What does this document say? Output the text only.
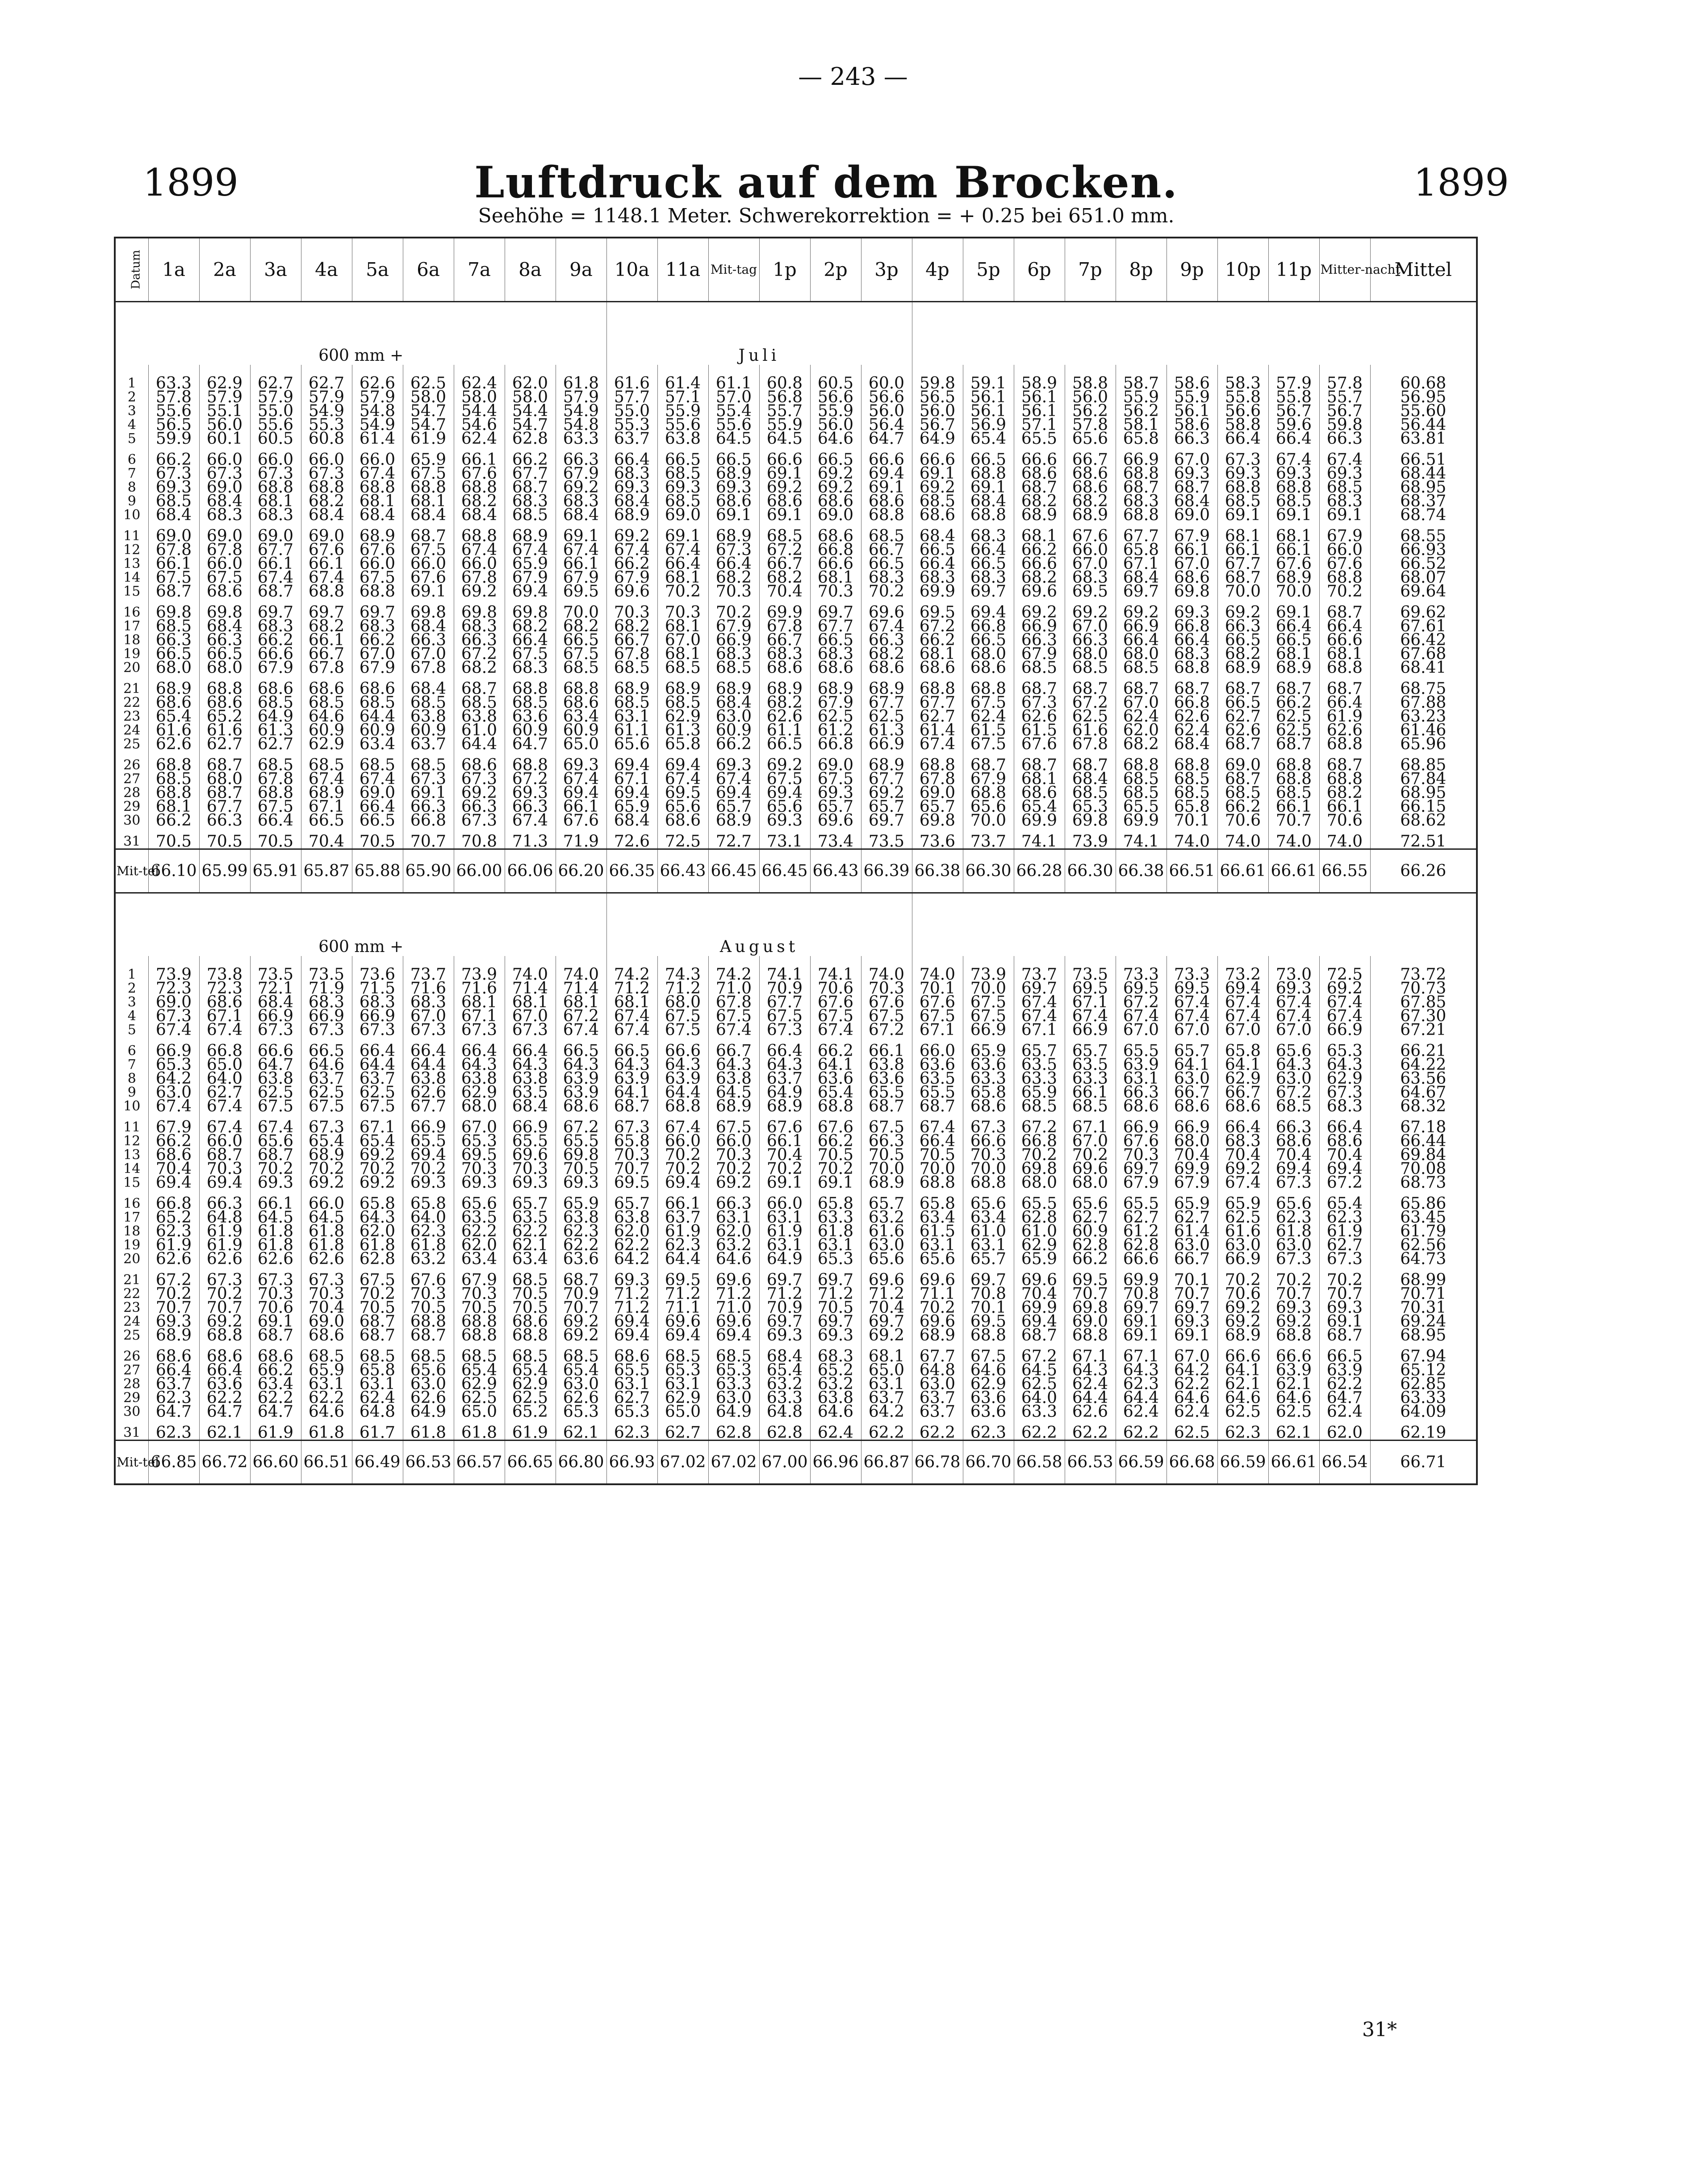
— 243 —
1899	Luftdruck auf dem Brocken.	1899
Seehöhe = 1148.1 Meter. Schwerekorrektion = + 0.25 bei 651.0 mm.
Datum	1a	2a	3a	4a	5a	6a	7a	8a	9a	10a	11a	Mit-tag	1p	2p	3p	4p	5p	6p	7p	8p	9p	10p	11p	Mitter-nacht	Mittel
600 mm +										Juli															

1	63.3	62.9	62.7	62.7	62.6	62.5	62.4	62.0	61.8	61.6	61.4	61.1	60.8	60.5	60.0	59.8	59.1	58.9	58.8	58.7	58.6	58.3	57.9	57.8	60.68
2	57.8	57.9	57.9	57.9	57.9	58.0	58.0	58.0	57.9	57.7	57.1	57.0	56.8	56.6	56.6	56.5	56.1	56.1	56.0	55.9	55.9	55.8	55.8	55.7	56.95
3	55.6	55.1	55.0	54.9	54.8	54.7	54.4	54.4	54.9	55.0	55.9	55.4	55.7	55.9	56.0	56.0	56.1	56.1	56.2	56.2	56.1	56.6	56.7	56.7	55.60
4	56.5	56.0	55.6	55.3	54.9	54.7	54.6	54.7	54.8	55.3	55.6	55.6	55.9	56.0	56.4	56.7	56.9	57.1	57.8	58.1	58.6	58.8	59.6	59.8	56.44
5	59.9	60.1	60.5	60.8	61.4	61.9	62.4	62.8	63.3	63.7	63.8	64.5	64.5	64.6	64.7	64.9	65.4	65.5	65.6	65.8	66.3	66.4	66.4	66.3	63.81
6	66.2	66.0	66.0	66.0	66.0	65.9	66.1	66.2	66.3	66.4	66.5	66.5	66.6	66.5	66.6	66.6	66.5	66.6	66.7	66.9	67.0	67.3	67.4	67.4	66.51
7	67.3	67.3	67.3	67.3	67.4	67.5	67.6	67.7	67.9	68.3	68.5	68.9	69.1	69.2	69.4	69.1	68.8	68.6	68.6	68.8	69.3	69.3	69.3	69.3	68.44
8	69.3	69.0	68.8	68.8	68.8	68.8	68.8	68.7	69.2	69.3	69.3	69.3	69.2	69.2	69.1	69.2	69.1	68.7	68.6	68.7	68.7	68.8	68.8	68.5	68.95
9	68.5	68.4	68.1	68.2	68.1	68.1	68.2	68.3	68.3	68.4	68.5	68.6	68.6	68.6	68.6	68.5	68.4	68.2	68.2	68.3	68.4	68.5	68.5	68.3	68.37
10	68.4	68.3	68.3	68.4	68.4	68.4	68.4	68.5	68.4	68.9	69.0	69.1	69.1	69.0	68.8	68.6	68.8	68.9	68.9	68.8	69.0	69.1	69.1	69.1	68.74
11	69.0	69.0	69.0	69.0	68.9	68.7	68.8	68.9	69.1	69.2	69.1	68.9	68.5	68.6	68.5	68.4	68.3	68.1	67.6	67.7	67.9	68.1	68.1	67.9	68.55
12	67.8	67.8	67.7	67.6	67.6	67.5	67.4	67.4	67.4	67.4	67.4	67.3	67.2	66.8	66.7	66.5	66.4	66.2	66.0	65.8	66.1	66.1	66.1	66.0	66.93
13	66.1	66.0	66.1	66.1	66.0	66.0	66.0	65.9	66.1	66.2	66.4	66.4	66.7	66.6	66.5	66.4	66.5	66.6	67.0	67.1	67.0	67.7	67.6	67.6	66.52
14	67.5	67.5	67.4	67.4	67.5	67.6	67.8	67.9	67.9	67.9	68.1	68.2	68.2	68.1	68.3	68.3	68.3	68.2	68.3	68.4	68.6	68.7	68.9	68.8	68.07
15	68.7	68.6	68.7	68.8	68.8	69.1	69.2	69.4	69.5	69.6	70.2	70.3	70.4	70.3	70.2	69.9	69.7	69.6	69.5	69.7	69.8	70.0	70.0	70.2	69.64
16	69.8	69.8	69.7	69.7	69.7	69.8	69.8	69.8	70.0	70.3	70.3	70.2	69.9	69.7	69.6	69.5	69.4	69.2	69.2	69.2	69.3	69.2	69.1	68.7	69.62
17	68.5	68.4	68.3	68.2	68.3	68.4	68.3	68.2	68.2	68.2	68.1	67.9	67.8	67.7	67.4	67.2	66.8	66.9	67.0	66.9	66.8	66.3	66.4	66.4	67.61
18	66.3	66.3	66.2	66.1	66.2	66.3	66.3	66.4	66.5	66.7	67.0	66.9	66.7	66.5	66.3	66.2	66.5	66.3	66.3	66.4	66.4	66.5	66.5	66.6	66.42
19	66.5	66.5	66.6	66.7	67.0	67.0	67.2	67.5	67.5	67.8	68.1	68.3	68.3	68.3	68.2	68.1	68.0	67.9	68.0	68.0	68.3	68.2	68.1	68.1	67.68
20	68.0	68.0	67.9	67.8	67.9	67.8	68.2	68.3	68.5	68.5	68.5	68.5	68.6	68.6	68.6	68.6	68.6	68.5	68.5	68.5	68.8	68.9	68.9	68.8	68.41
21	68.9	68.8	68.6	68.6	68.6	68.4	68.7	68.8	68.8	68.9	68.9	68.9	68.9	68.9	68.9	68.8	68.8	68.7	68.7	68.7	68.7	68.7	68.7	68.7	68.75
22	68.6	68.6	68.5	68.5	68.5	68.5	68.5	68.5	68.6	68.5	68.5	68.4	68.2	67.9	67.7	67.7	67.5	67.3	67.2	67.0	66.8	66.5	66.2	66.4	67.88
23	65.4	65.2	64.9	64.6	64.4	63.8	63.8	63.6	63.4	63.1	62.9	63.0	62.6	62.5	62.5	62.7	62.4	62.6	62.5	62.4	62.6	62.7	62.5	61.9	63.23
24	61.6	61.6	61.3	60.9	60.9	60.9	61.0	60.9	60.9	61.1	61.3	60.9	61.1	61.2	61.3	61.4	61.5	61.5	61.6	62.0	62.4	62.6	62.5	62.6	61.46
25	62.6	62.7	62.7	62.9	63.4	63.7	64.4	64.7	65.0	65.6	65.8	66.2	66.5	66.8	66.9	67.4	67.5	67.6	67.8	68.2	68.4	68.7	68.7	68.8	65.96
26	68.8	68.7	68.5	68.5	68.5	68.5	68.6	68.8	69.3	69.4	69.4	69.3	69.2	69.0	68.9	68.8	68.7	68.7	68.7	68.8	68.8	69.0	68.8	68.7	68.85
27	68.5	68.0	67.8	67.4	67.4	67.3	67.3	67.2	67.4	67.1	67.4	67.4	67.5	67.5	67.7	67.8	67.9	68.1	68.4	68.5	68.5	68.7	68.8	68.8	67.84
28	68.8	68.7	68.8	68.9	69.0	69.1	69.2	69.3	69.4	69.4	69.5	69.4	69.4	69.3	69.2	69.0	68.8	68.6	68.5	68.5	68.5	68.5	68.5	68.2	68.95
29	68.1	67.7	67.5	67.1	66.4	66.3	66.3	66.3	66.1	65.9	65.6	65.7	65.6	65.7	65.7	65.7	65.6	65.4	65.3	65.5	65.8	66.2	66.1	66.1	66.15
30	66.2	66.3	66.4	66.5	66.5	66.8	67.3	67.4	67.6	68.4	68.6	68.9	69.3	69.6	69.7	69.8	70.0	69.9	69.8	69.9	70.1	70.6	70.7	70.6	68.62
31	70.5	70.5	70.5	70.4	70.5	70.7	70.8	71.3	71.9	72.6	72.5	72.7	73.1	73.4	73.5	73.6	73.7	74.1	73.9	74.1	74.0	74.0	74.0	74.0	72.51
Mit-tel	66.10	65.99	65.91	65.87	65.88	65.90	66.00	66.06	66.20	66.35	66.43	66.45	66.45	66.43	66.39	66.38	66.30	66.28	66.30	66.38	66.51	66.61	66.61	66.55	66.26
600 mm +										August															

1	73.9	73.8	73.5	73.5	73.6	73.7	73.9	74.0	74.0	74.2	74.3	74.2	74.1	74.1	74.0	74.0	73.9	73.7	73.5	73.3	73.3	73.2	73.0	72.5	73.72
2	72.3	72.3	72.1	71.9	71.5	71.6	71.6	71.4	71.4	71.2	71.2	71.0	70.9	70.6	70.3	70.1	70.0	69.7	69.5	69.5	69.5	69.4	69.3	69.2	70.73
3	69.0	68.6	68.4	68.3	68.3	68.3	68.1	68.1	68.1	68.1	68.0	67.8	67.7	67.6	67.6	67.6	67.5	67.4	67.1	67.2	67.4	67.4	67.4	67.4	67.85
4	67.3	67.1	66.9	66.9	66.9	67.0	67.1	67.0	67.2	67.4	67.5	67.5	67.5	67.5	67.5	67.5	67.5	67.4	67.4	67.4	67.4	67.4	67.4	67.4	67.30
5	67.4	67.4	67.3	67.3	67.3	67.3	67.3	67.3	67.4	67.4	67.5	67.4	67.3	67.4	67.2	67.1	66.9	67.1	66.9	67.0	67.0	67.0	67.0	66.9	67.21
6	66.9	66.8	66.6	66.5	66.4	66.4	66.4	66.4	66.5	66.5	66.6	66.7	66.4	66.2	66.1	66.0	65.9	65.7	65.7	65.5	65.7	65.8	65.6	65.3	66.21
7	65.3	65.0	64.7	64.6	64.4	64.4	64.3	64.3	64.3	64.3	64.3	64.3	64.3	64.1	63.8	63.6	63.6	63.5	63.5	63.9	64.1	64.1	64.3	64.3	64.22
8	64.2	64.0	63.8	63.7	63.7	63.8	63.8	63.8	63.9	63.9	63.9	63.8	63.7	63.6	63.6	63.5	63.3	63.3	63.3	63.1	63.0	62.9	63.0	62.9	63.56
9	63.0	62.7	62.5	62.5	62.5	62.6	62.9	63.5	63.9	64.1	64.4	64.5	64.9	65.4	65.5	65.5	65.8	65.9	66.1	66.3	66.7	66.7	67.2	67.3	64.67
10	67.4	67.4	67.5	67.5	67.5	67.7	68.0	68.4	68.6	68.7	68.8	68.9	68.9	68.8	68.7	68.7	68.6	68.5	68.5	68.6	68.6	68.6	68.5	68.3	68.32
11	67.9	67.4	67.4	67.3	67.1	66.9	67.0	66.9	67.2	67.3	67.4	67.5	67.6	67.6	67.5	67.4	67.3	67.2	67.1	66.9	66.9	66.4	66.3	66.4	67.18
12	66.2	66.0	65.6	65.4	65.4	65.5	65.3	65.5	65.5	65.8	66.0	66.0	66.1	66.2	66.3	66.4	66.6	66.8	67.0	67.6	68.0	68.3	68.6	68.6	66.44
13	68.6	68.7	68.7	68.9	69.2	69.4	69.5	69.6	69.8	70.3	70.2	70.3	70.4	70.5	70.5	70.5	70.3	70.2	70.2	70.3	70.4	70.4	70.4	70.4	69.84
14	70.4	70.3	70.2	70.2	70.2	70.2	70.3	70.3	70.5	70.7	70.2	70.2	70.2	70.2	70.0	70.0	70.0	69.8	69.6	69.7	69.9	69.2	69.4	69.4	70.08
15	69.4	69.4	69.3	69.2	69.2	69.3	69.3	69.3	69.3	69.5	69.4	69.2	69.1	69.1	68.9	68.8	68.8	68.0	68.0	67.9	67.9	67.4	67.3	67.2	68.73
16	66.8	66.3	66.1	66.0	65.8	65.8	65.6	65.7	65.9	65.7	66.1	66.3	66.0	65.8	65.7	65.8	65.6	65.5	65.6	65.5	65.9	65.9	65.6	65.4	65.86
17	65.2	64.8	64.5	64.5	64.3	64.0	63.5	63.5	63.8	63.8	63.7	63.1	63.1	63.3	63.2	63.4	63.4	62.8	62.7	62.7	62.7	62.5	62.3	62.3	63.45
18	62.3	61.9	61.8	61.8	62.0	62.3	62.2	62.2	62.3	62.0	61.9	62.0	61.9	61.8	61.6	61.5	61.0	61.0	60.9	61.2	61.4	61.6	61.8	61.9	61.79
19	61.9	61.9	61.8	61.8	61.8	61.8	62.0	62.1	62.2	62.2	62.3	63.2	63.1	63.1	63.0	63.1	63.1	62.9	62.8	62.8	63.0	63.0	63.0	62.7	62.56
20	62.6	62.6	62.6	62.6	62.8	63.2	63.4	63.4	63.6	64.2	64.4	64.6	64.9	65.3	65.6	65.6	65.7	65.9	66.2	66.6	66.7	66.9	67.3	67.3	64.73
21	67.2	67.3	67.3	67.3	67.5	67.6	67.9	68.5	68.7	69.3	69.5	69.6	69.7	69.7	69.6	69.6	69.7	69.6	69.5	69.9	70.1	70.2	70.2	70.2	68.99
22	70.2	70.2	70.3	70.3	70.2	70.3	70.3	70.5	70.9	71.2	71.2	71.2	71.2	71.2	71.2	71.1	70.8	70.4	70.7	70.8	70.7	70.6	70.7	70.7	70.71
23	70.7	70.7	70.6	70.4	70.5	70.5	70.5	70.5	70.7	71.2	71.1	71.0	70.9	70.5	70.4	70.2	70.1	69.9	69.8	69.7	69.7	69.2	69.3	69.3	70.31
24	69.3	69.2	69.1	69.0	68.7	68.8	68.8	68.6	69.2	69.4	69.6	69.6	69.7	69.7	69.7	69.6	69.5	69.4	69.0	69.1	69.3	69.2	69.2	69.1	69.24
25	68.9	68.8	68.7	68.6	68.7	68.7	68.8	68.8	69.2	69.4	69.4	69.4	69.3	69.3	69.2	68.9	68.8	68.7	68.8	69.1	69.1	68.9	68.8	68.7	68.95
26	68.6	68.6	68.6	68.5	68.5	68.5	68.5	68.5	68.5	68.6	68.5	68.5	68.4	68.3	68.1	67.7	67.5	67.2	67.1	67.1	67.0	66.6	66.6	66.5	67.94
27	66.4	66.4	66.2	65.9	65.8	65.6	65.4	65.4	65.4	65.5	65.3	65.3	65.4	65.2	65.0	64.8	64.6	64.5	64.3	64.3	64.2	64.1	63.9	63.9	65.12
28	63.7	63.6	63.4	63.1	63.1	63.0	62.9	62.9	63.0	63.1	63.1	63.3	63.2	63.2	63.1	63.0	62.9	62.5	62.4	62.3	62.2	62.1	62.1	62.2	62.85
29	62.3	62.2	62.2	62.2	62.4	62.6	62.5	62.5	62.6	62.7	62.9	63.0	63.3	63.8	63.7	63.7	63.6	64.0	64.4	64.4	64.6	64.6	64.6	64.7	63.33
30	64.7	64.7	64.7	64.6	64.8	64.9	65.0	65.2	65.3	65.3	65.0	64.9	64.8	64.6	64.2	63.7	63.6	63.3	62.6	62.4	62.4	62.5	62.5	62.4	64.09
31	62.3	62.1	61.9	61.8	61.7	61.8	61.8	61.9	62.1	62.3	62.7	62.8	62.8	62.4	62.2	62.2	62.3	62.2	62.2	62.2	62.5	62.3	62.1	62.0	62.19
Mit-tel	66.85	66.72	66.60	66.51	66.49	66.53	66.57	66.65	66.80	66.93	67.02	67.02	67.00	66.96	66.87	66.78	66.70	66.58	66.53	66.59	66.68	66.59	66.61	66.54	66.71
31*
